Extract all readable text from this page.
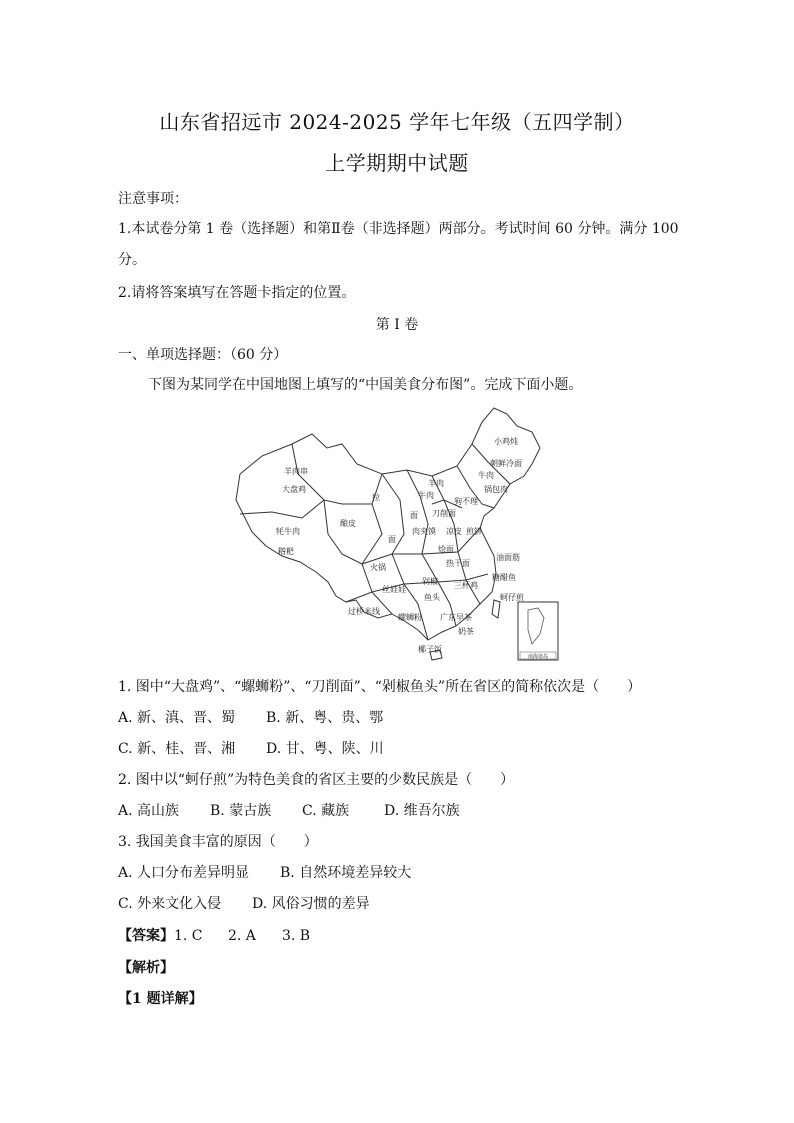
山东省招远市 2024-2025 学年七年级（五四学制）
上学期期中试题
注意事项：
1.本试卷分第 1 卷（选择题）和第Ⅱ卷（非选择题）两部分。考试时间 60 分钟。满分 100
分。
2.请将答案填写在答题卡指定的位置。
第 I 卷
一、单项选择题：（60 分）
下图为某同学在中国地图上填写的“中国美食分布图”。完成下面小题。
南海诸岛
小鸡炖
朝鲜冷面
牛肉
锅包肉
羊肉
羊肉串
大盘鸡
拉	牛肉
面
酿皮
刀削面
肉夹馍
面
煎饼
狗不理
牦牛肉
糌粑
火锅
烩面
油面筋
热干面
剁椒
鱼头
糖醋鱼
三杯鸡
丝娃娃
过桥米线
螺蛳粉 广东早茶
蚵仔煎
奶茶
椰子饭
凉皮
1. 图中“大盘鸡”、“螺蛳粉”、“刀削面”、“剁椒鱼头”所在省区的简称依次是（　　）
A. 新、滇、晋、蜀 B. 新、粤、贵、鄂
C. 新、桂、晋、湘 D. 甘、粤、陕、川
2. 图中以“蚵仔煎”为特色美食的省区主要的少数民族是（　　）
A. 高山族 B. 蒙古族 C. 藏族 D. 维吾尔族
3. 我国美食丰富的原因（　　）
A. 人口分布差异明显 B. 自然环境差异较大
C. 外来文化入侵 D. 风俗习惯的差异
【答案】1. C 2. A 3. B
【解析】
【1 题详解】
